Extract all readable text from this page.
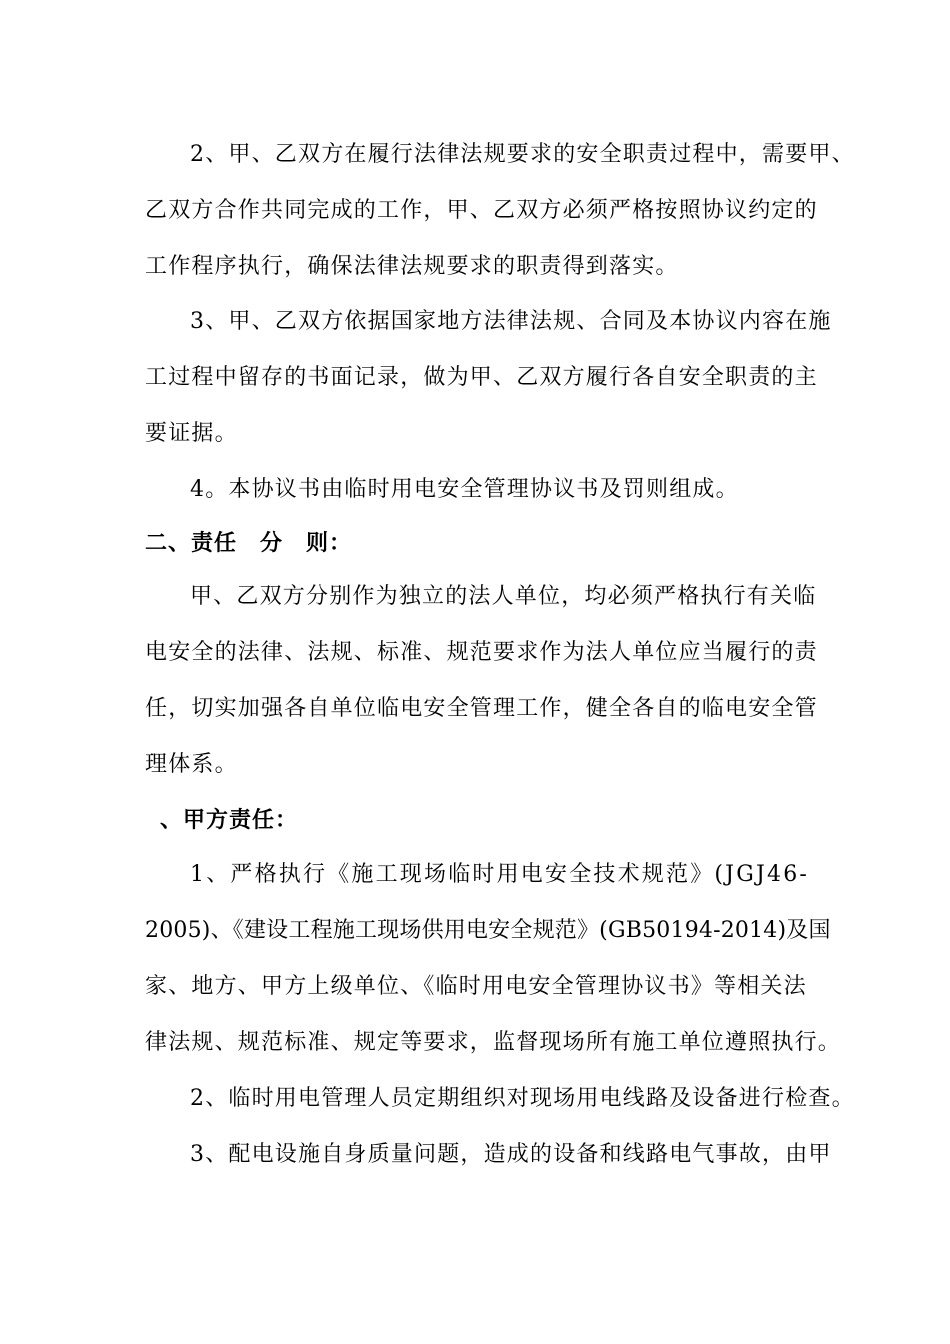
2、甲、乙双方在履行法律法规要求的安全职责过程中，需要甲、
乙双方合作共同完成的工作，甲、乙双方必须严格按照协议约定的
工作程序执行，确保法律法规要求的职责得到落实。
3、甲、乙双方依据国家地方法律法规、合同及本协议内容在施
工过程中留存的书面记录，做为甲、乙双方履行各自安全职责的主
要证据。
4。本协议书由临时用电安全管理协议书及罚则组成。
二、责任　分　则：
甲、乙双方分别作为独立的法人单位，均必须严格执行有关临
电安全的法律、法规、标准、规范要求作为法人单位应当履行的责
任，切实加强各自单位临电安全管理工作，健全各自的临电安全管
理体系。
、甲方责任：
1、严格执行《施工现场临时用电安全技术规范》(JGJ46-
2005)、《建设工程施工现场供用电安全规范》(GB50194-2014)及国
家、地方、甲方上级单位、《临时用电安全管理协议书》等相关法
律法规、规范标准、规定等要求，监督现场所有施工单位遵照执行。
2、临时用电管理人员定期组织对现场用电线路及设备进行检查。
3、配电设施自身质量问题，造成的设备和线路电气事故，由甲
